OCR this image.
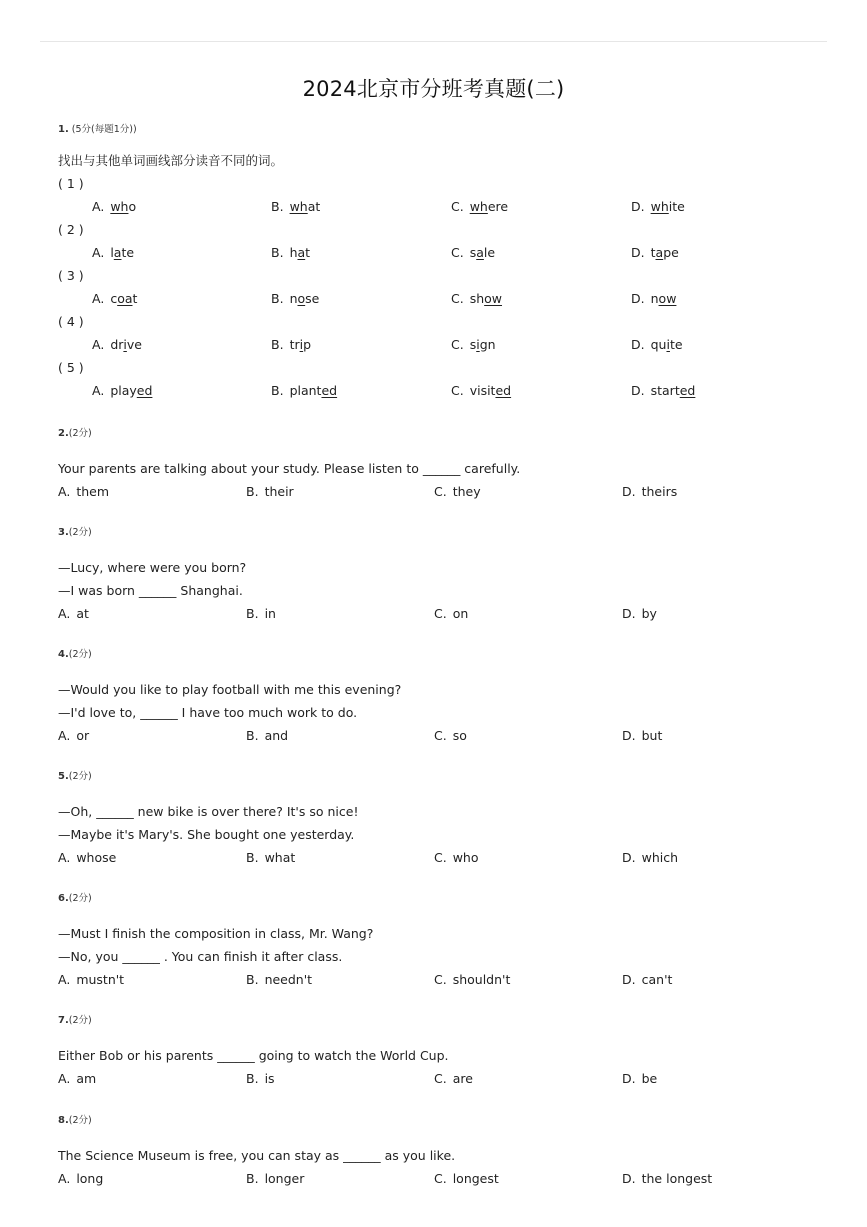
2024北京市分班考真题(二)
1. (5分(每题1分))
找出与其他单词画线部分读音不同的词。
( 1 )
A. who	B. what	C. where	D. white
( 2 )
A. late	B. hat	C. sale	D. tape
( 3 )
A. coat	B. nose	C. show	D. now
( 4 )
A. drive	B. trip	C. sign	D. quite
( 5 )
A. played	B. planted	C. visited	D. started
2.(2分)
Your parents are talking about your study. Please listen to ______ carefully.
A. them	B. their	C. they	D. theirs
3.(2分)
—Lucy, where were you born?
—I was born ______ Shanghai.
A. at	B. in	C. on	D. by
4.(2分)
—Would you like to play football with me this evening?
—I'd love to, ______ I have too much work to do.
A. or	B. and	C. so	D. but
5.(2分)
—Oh, ______ new bike is over there? It's so nice!
—Maybe it's Mary's. She bought one yesterday.
A. whose	B. what	C. who	D. which
6.(2分)
—Must I finish the composition in class, Mr. Wang?
—No, you ______ . You can finish it after class.
A. mustn't	B. needn't	C. shouldn't	D. can't
7.(2分)
Either Bob or his parents ______ going to watch the World Cup.
A. am	B. is	C. are	D. be
8.(2分)
The Science Museum is free, you can stay as ______ as you like.
A. long	B. longer	C. longest	D. the longest
